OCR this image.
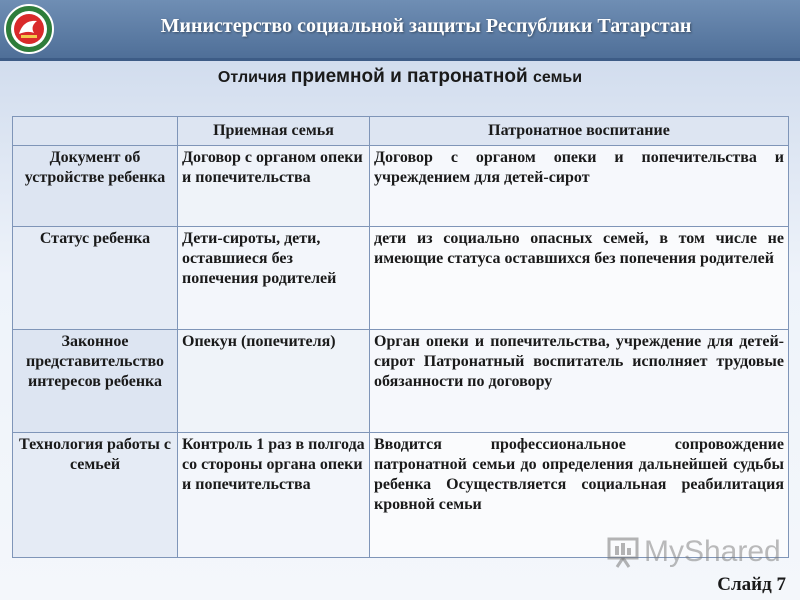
Министерство социальной защиты Республики Татарстан
Отличия приемной и патронатной семьи
	Приемная семья	Патронатное воспитание
Документ об устройстве ребенка	Договор с органом опеки и попечительства	Договор с органом опеки и попечительства и учреждением для детей-сирот
Статус ребенка	Дети-сироты, дети, оставшиеся без попечения родителей	дети из социально опасных семей, в том числе не имеющие статуса оставшихся без попечения родителей
Законное представительство интересов ребенка	Опекун (попечителя)	Орган опеки и попечительства, учреждение для детей-сирот Патронатный воспитатель исполняет трудовые обязанности по договору
Технология работы с семьей	Контроль 1 раз в полгода со стороны органа опеки и попечительства	Вводится профессиональное сопровождение патронатной семьи до определения дальнейшей судьбы ребенка Осуществляется социальная реабилитация кровной семьи
MyShared
Слайд 7
